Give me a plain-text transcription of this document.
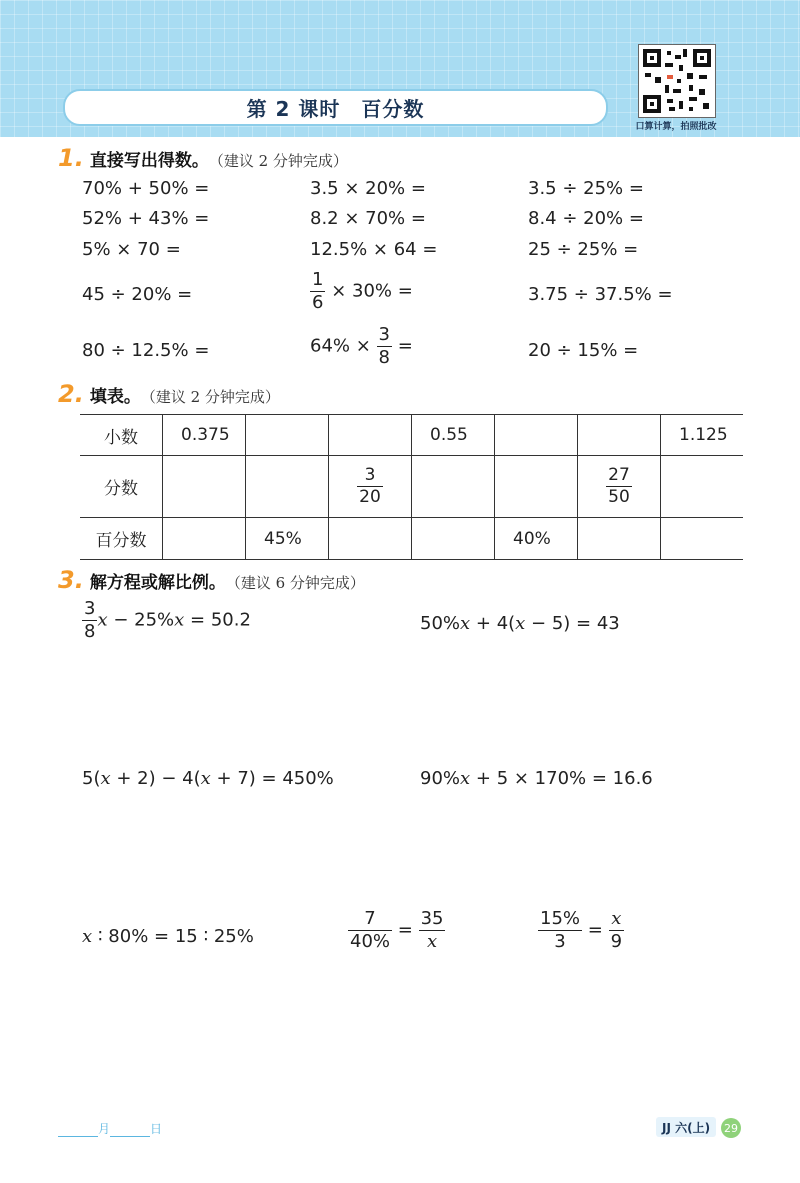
第 2 课时　百分数
口算计算，拍照批改
1. 直接写出得数。 （建议 2 分钟完成）
70% + 50% =	3.5 × 20% =	3.5 ÷ 25% =
52% + 43% =	8.2 × 70% =	8.4 ÷ 20% =
5% × 70 =	12.5% × 64 =	25 ÷ 25% =
45 ÷ 20% =	$\frac{1}{6} \times 30\%$ =	3.75 ÷ 37.5% =
80 ÷ 12.5% =	$64\% \times \frac{3}{8}$ =	20 ÷ 15% =
2. 填表。 （建议 2 分钟完成）
小数	0.375			0.55			1.125
分数			$\frac{3}{20}$			$\frac{27}{50}$

百分数		45%			40%		
3. 解方程或解比例。 （建议 6 分钟完成）
$\frac{3}{8}$ x − 25%x = 50.2	50%x + 4(x − 5) = 43
5(x + 2) − 4(x + 7) = 450%	90%x + 5 × 170% = 16.6
x ∶ 80% = 15 ∶ 25%	$\frac{7}{40\%} = \frac{35}{x}$	$\frac{15\%}{3} = \frac{x}{9}$
月	日	JJ 六(上)	29
